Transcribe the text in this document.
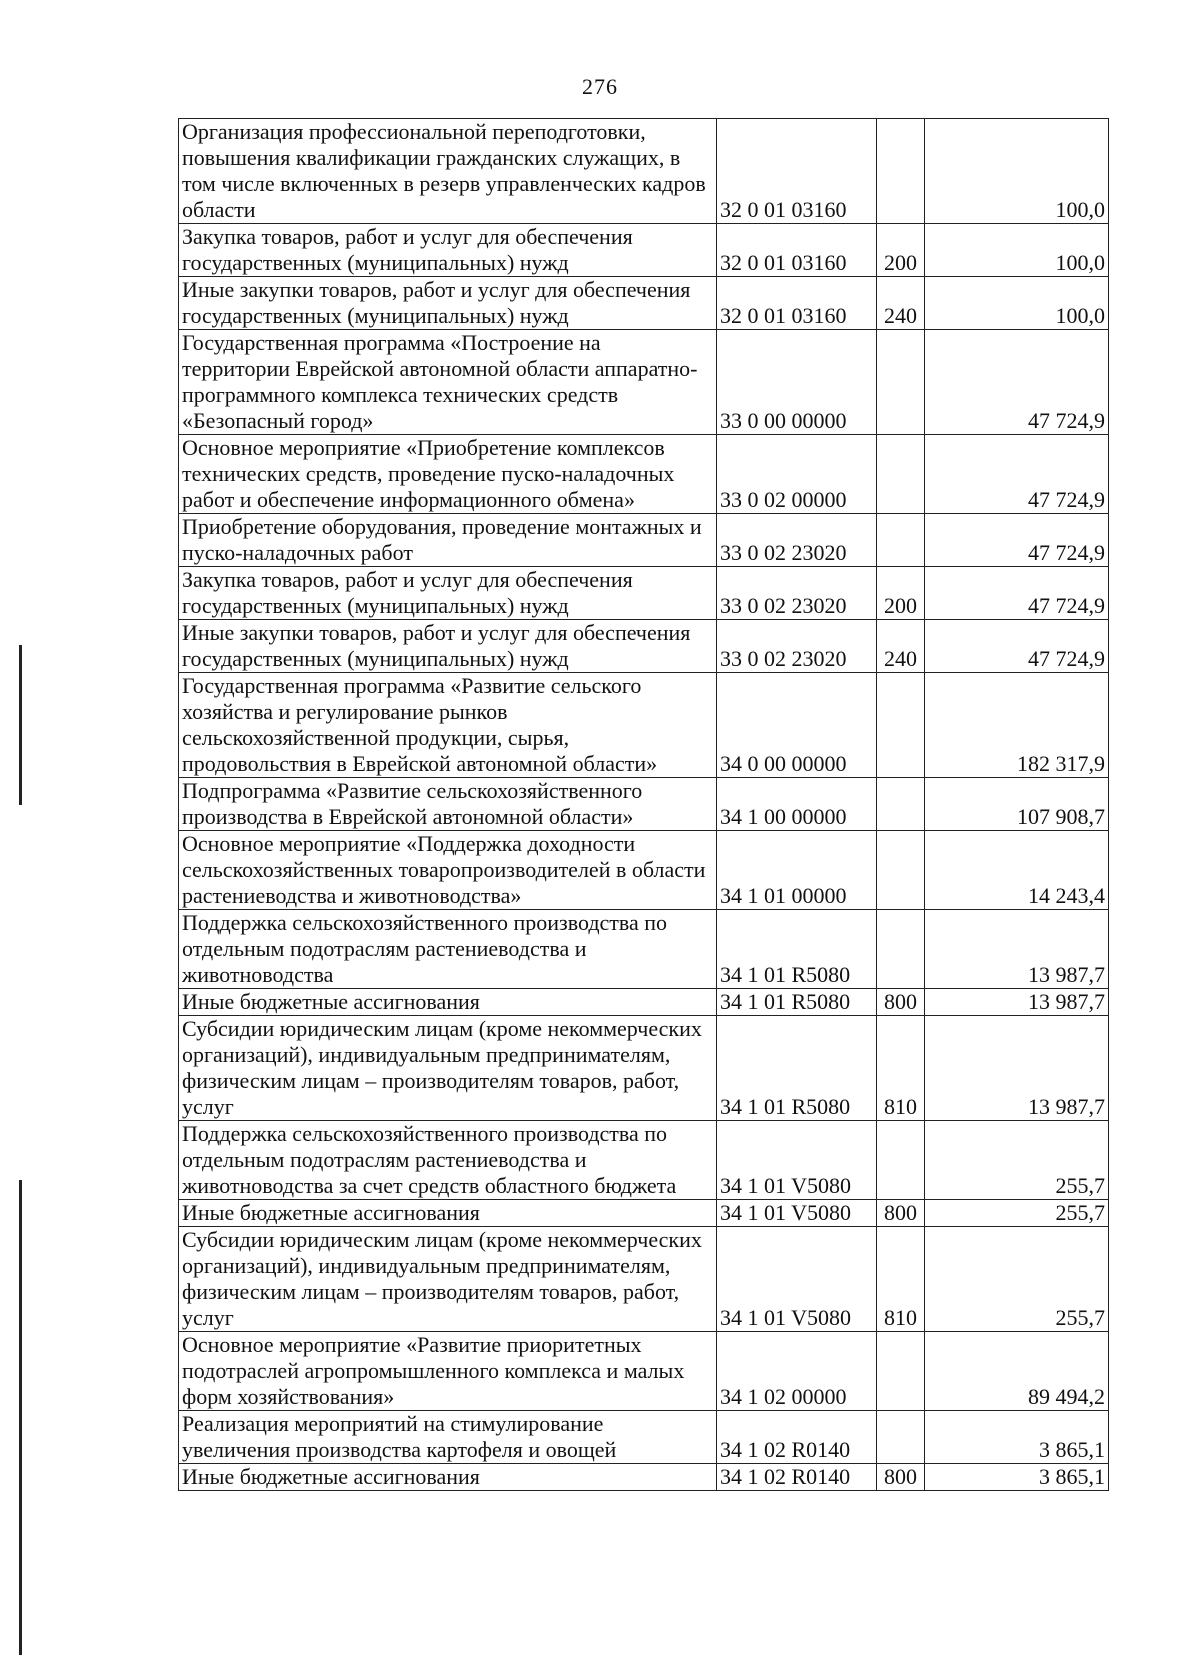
276
Организация профессиональной переподготовки, повышения квалификации гражданских служащих, в том числе включенных в резерв управленческих кадров области	32 0 01 03160		100,0
Закупка товаров, работ и услуг для обеспечения государственных (муниципальных) нужд	32 0 01 03160	200	100,0
Иные закупки товаров, работ и услуг для обеспечения государственных (муниципальных) нужд	32 0 01 03160	240	100,0
Государственная программа «Построение на территории Еврейской автономной области аппаратно-программного комплекса технических средств «Безопасный город»	33 0 00 00000		47 724,9
Основное мероприятие «Приобретение комплексов технических средств, проведение пуско-наладочных работ и обеспечение информационного обмена»	33 0 02 00000		47 724,9
Приобретение оборудования, проведение монтажных и пуско-наладочных работ	33 0 02 23020		47 724,9
Закупка товаров, работ и услуг для обеспечения государственных (муниципальных) нужд	33 0 02 23020	200	47 724,9
Иные закупки товаров, работ и услуг для обеспечения государственных (муниципальных) нужд	33 0 02 23020	240	47 724,9
Государственная программа «Развитие сельского хозяйства и регулирование рынков сельскохозяйственной продукции, сырья, продовольствия в Еврейской автономной области»	34 0 00 00000		182 317,9
Подпрограмма «Развитие сельскохозяйственного производства в Еврейской автономной области»	34 1 00 00000		107 908,7
Основное мероприятие «Поддержка доходности сельскохозяйственных товаропроизводителей в области растениеводства и животноводства»	34 1 01 00000		14 243,4
Поддержка сельскохозяйственного производства по отдельным подотраслям растениеводства и животноводства	34 1 01 R5080		13 987,7
Иные бюджетные ассигнования	34 1 01 R5080	800	13 987,7
Субсидии юридическим лицам (кроме некоммерческих организаций), индивидуальным предпринимателям, физическим лицам – производителям товаров, работ, услуг	34 1 01 R5080	810	13 987,7
Поддержка сельскохозяйственного производства по отдельным подотраслям растениеводства и животноводства за счет средств областного бюджета	34 1 01 V5080		255,7
Иные бюджетные ассигнования	34 1 01 V5080	800	255,7
Субсидии юридическим лицам (кроме некоммерческих организаций), индивидуальным предпринимателям, физическим лицам – производителям товаров, работ, услуг	34 1 01 V5080	810	255,7
Основное мероприятие «Развитие приоритетных подотраслей агропромышленного комплекса и малых форм хозяйствования»	34 1 02 00000		89 494,2
Реализация мероприятий на стимулирование увеличения производства картофеля и овощей	34 1 02 R0140		3 865,1
Иные бюджетные ассигнования	34 1 02 R0140	800	3 865,1
